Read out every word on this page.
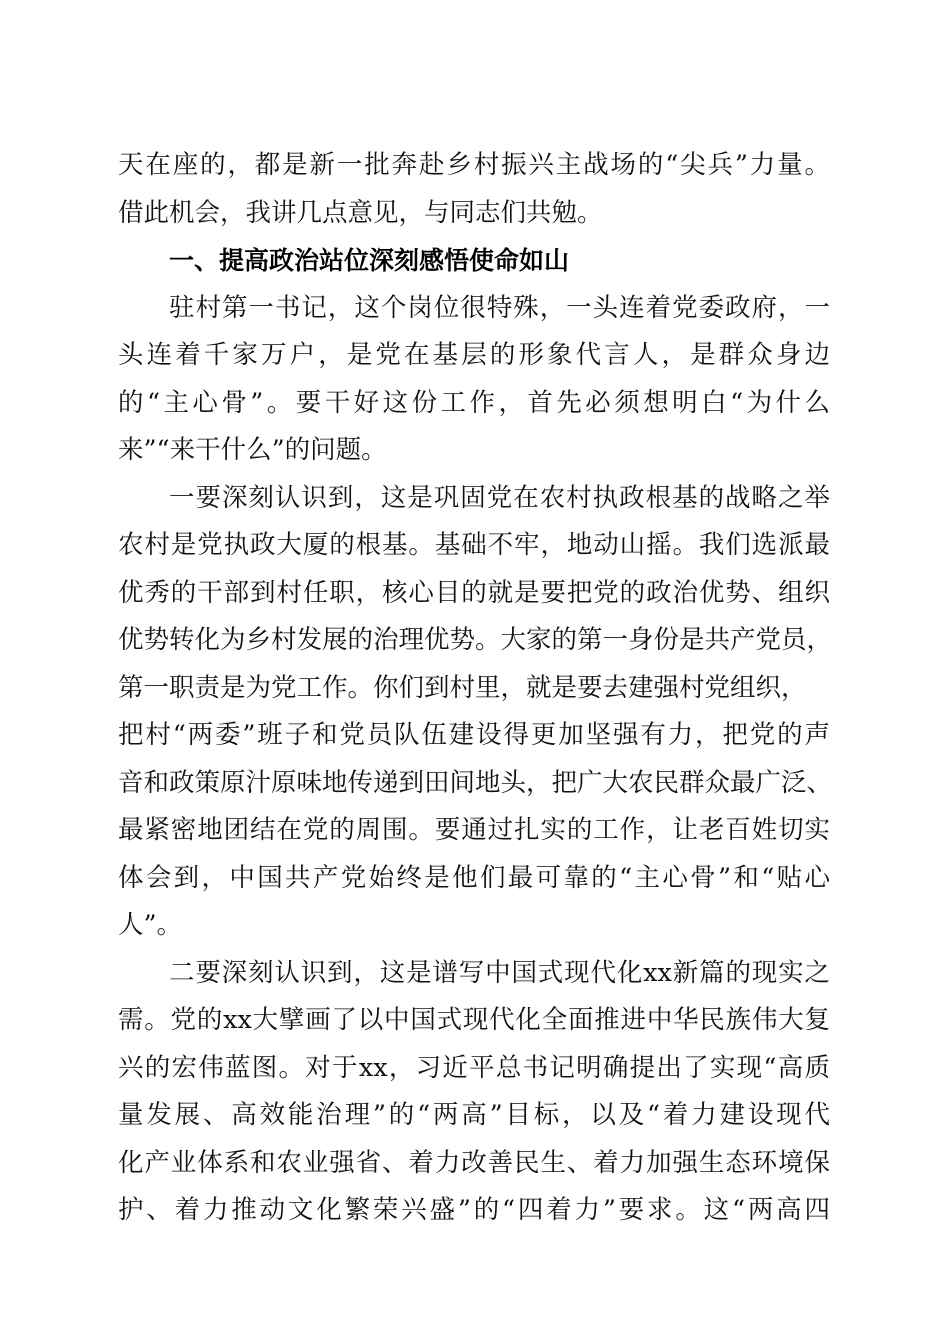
天在座的，都是新一批奔赴乡村振兴主战场的“尖兵”力量。
借此机会，我讲几点意见，与同志们共勉。
一、提高政治站位深刻感悟使命如山
驻村第一书记，这个岗位很特殊，一头连着党委政府，一
头连着千家万户，是党在基层的形象代言人，是群众身边
的“主心骨”。要干好这份工作，首先必须想明白“为什么
来”“来干什么”的问题。
一要深刻认识到，这是巩固党在农村执政根基的战略之举
农村是党执政大厦的根基。基础不牢，地动山摇。我们选派最
优秀的干部到村任职，核心目的就是要把党的政治优势、组织
优势转化为乡村发展的治理优势。大家的第一身份是共产党员，
第一职责是为党工作。你们到村里，就是要去建强村党组织，
把村“两委”班子和党员队伍建设得更加坚强有力，把党的声
音和政策原汁原味地传递到田间地头，把广大农民群众最广泛、
最紧密地团结在党的周围。要通过扎实的工作，让老百姓切实
体会到，中国共产党始终是他们最可靠的“主心骨”和“贴心
人”。
二要深刻认识到，这是谱写中国式现代化xx新篇的现实之
需。党的xx大擘画了以中国式现代化全面推进中华民族伟大复
兴的宏伟蓝图。对于xx，习近平总书记明确提出了实现“高质
量发展、高效能治理”的“两高”目标，以及“着力建设现代
化产业体系和农业强省、着力改善民生、着力加强生态环境保
护、着力推动文化繁荣兴盛”的“四着力”要求。这“两高四
